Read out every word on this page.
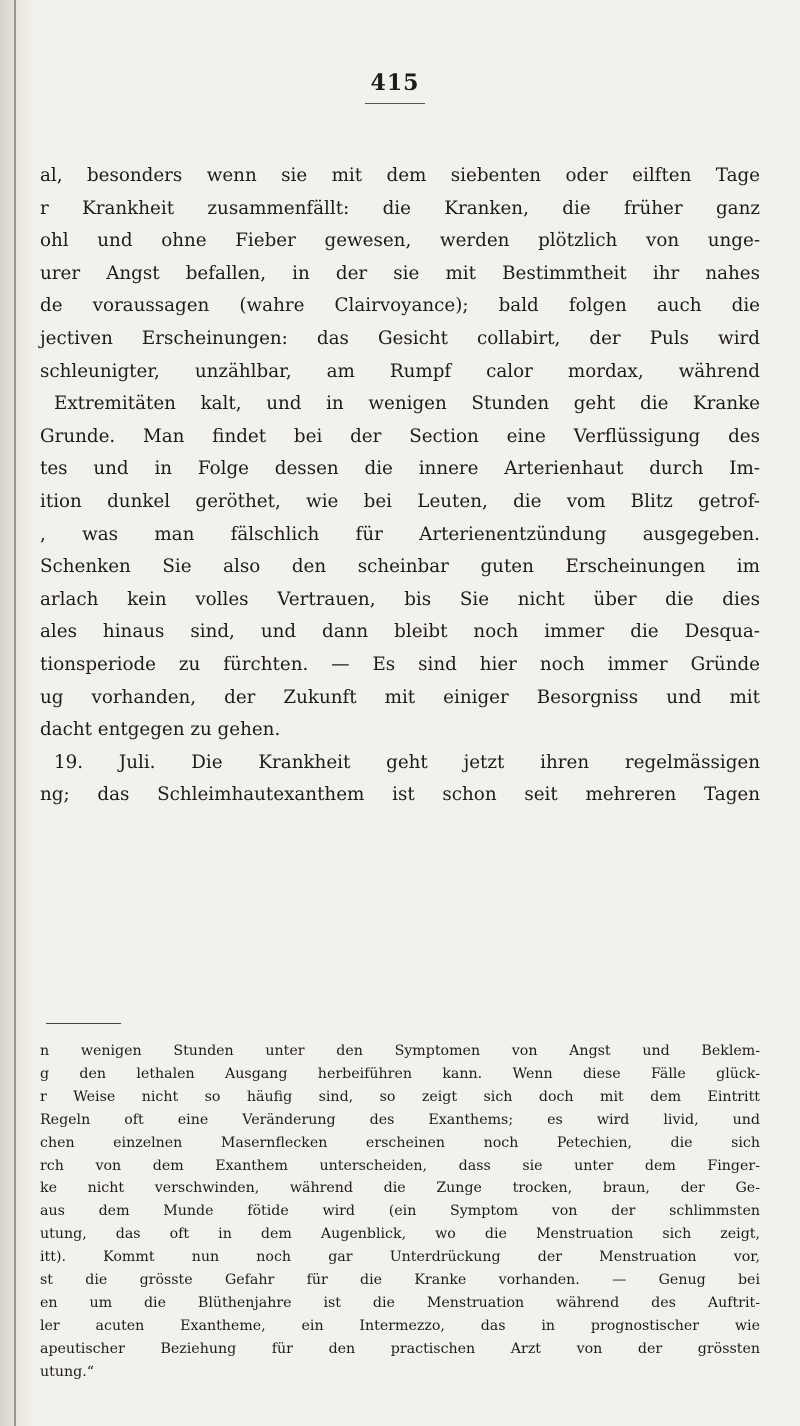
415
al, besonders wenn sie mit dem siebenten oder eilften Tage
r Krankheit zusammenfällt: die Kranken, die früher ganz
ohl und ohne Fieber gewesen, werden plötzlich von unge-
urer Angst befallen, in der sie mit Bestimmtheit ihr nahes
de voraussagen (wahre Clairvoyance); bald folgen auch die
jectiven Erscheinungen: das Gesicht collabirt, der Puls wird
schleunigter, unzählbar, am Rumpf calor mordax, während
Extremitäten kalt, und in wenigen Stunden geht die Kranke
Grunde. Man findet bei der Section eine Verflüssigung des
tes und in Folge dessen die innere Arterienhaut durch Im-
ition dunkel geröthet, wie bei Leuten, die vom Blitz getrof-
, was man fälschlich für Arterienentzündung ausgegeben.
Schenken Sie also den scheinbar guten Erscheinungen im
arlach kein volles Vertrauen, bis Sie nicht über die dies
ales hinaus sind, und dann bleibt noch immer die Desqua-
tionsperiode zu fürchten. — Es sind hier noch immer Gründe
ug vorhanden, der Zukunft mit einiger Besorgniss und mit
dacht entgegen zu gehen.
19. Juli. Die Krankheit geht jetzt ihren regelmässigen
ng; das Schleimhautexanthem ist schon seit mehreren Tagen
n wenigen Stunden unter den Symptomen von Angst und Beklem-
g den lethalen Ausgang herbeiführen kann. Wenn diese Fälle glück-
r Weise nicht so häufig sind, so zeigt sich doch mit dem Eintritt
Regeln oft eine Veränderung des Exanthems; es wird livid, und
chen einzelnen Masernflecken erscheinen noch Petechien, die sich
rch von dem Exanthem unterscheiden, dass sie unter dem Finger-
ke nicht verschwinden, während die Zunge trocken, braun, der Ge-
aus dem Munde fötide wird (ein Symptom von der schlimmsten
utung, das oft in dem Augenblick, wo die Menstruation sich zeigt,
itt). Kommt nun noch gar Unterdrückung der Menstruation vor,
st die grösste Gefahr für die Kranke vorhanden. — Genug bei
en um die Blüthenjahre ist die Menstruation während des Auftrit-
ler acuten Exantheme, ein Intermezzo, das in prognostischer wie
apeutischer Beziehung für den practischen Arzt von der grössten
utung.“
